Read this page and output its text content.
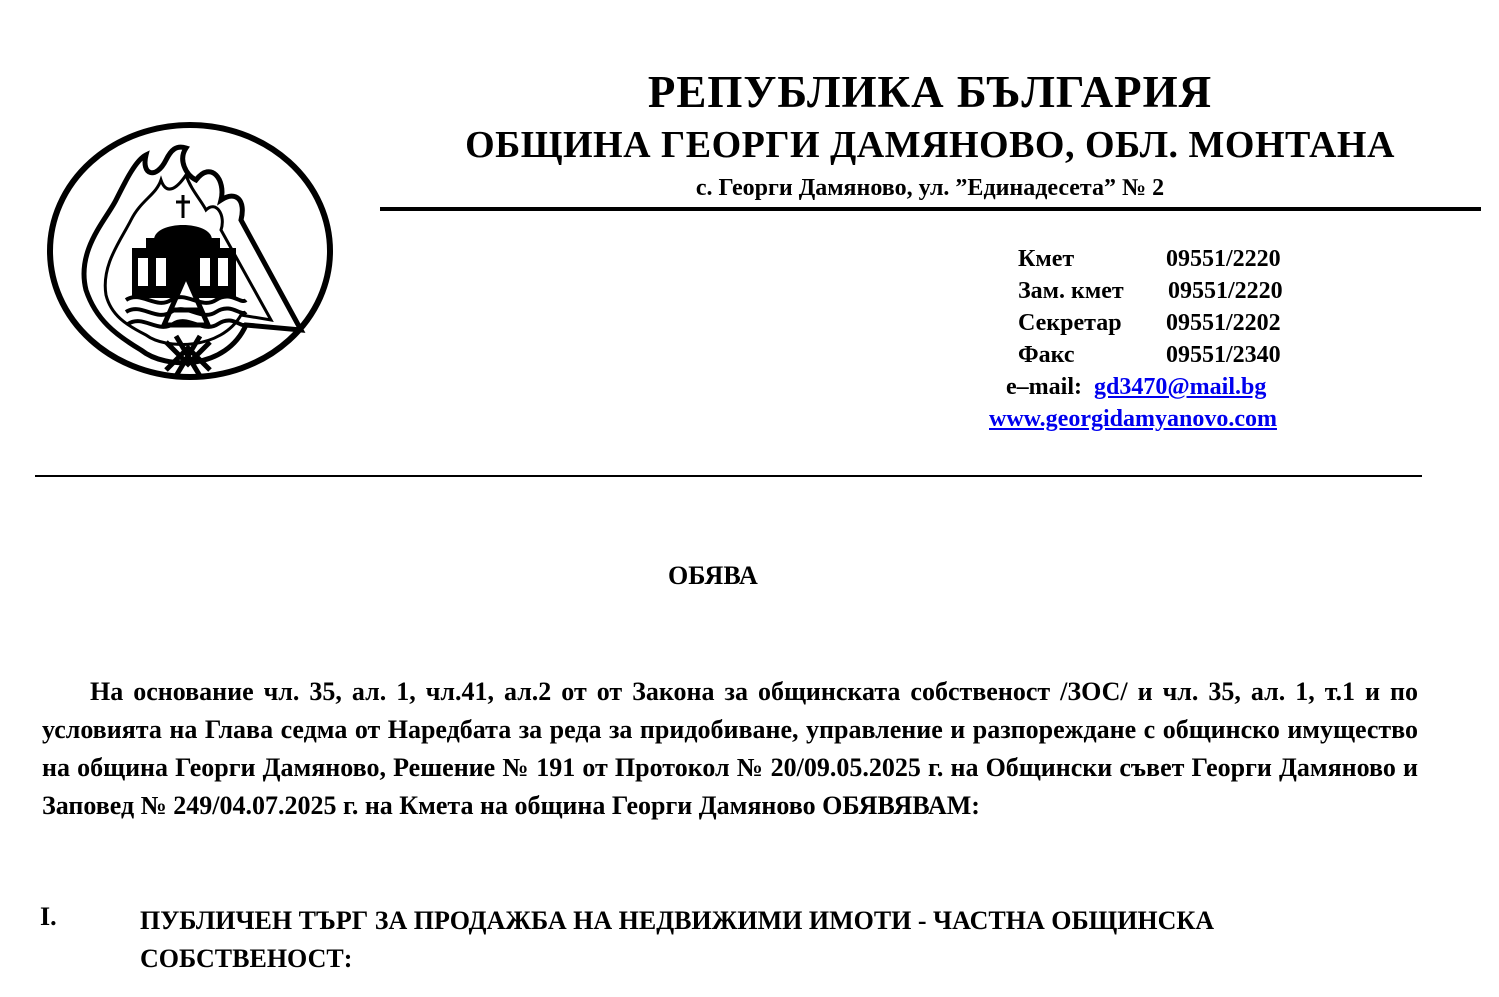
РЕПУБЛИКА БЪЛГАРИЯ
ОБЩИНА ГЕОРГИ ДАМЯНОВО, ОБЛ. МОНТАНА
с. Георги Дамяново, ул. ”Единадесета” № 2
Кмет	09551/2220
Зам. кмет 09551/2220
Секретар 09551/2202
Факс	09551/2340
e–mail: gd3470@mail.bg
www.georgidamyanovo.com
ОБЯВА
На основание чл. 35, ал. 1, чл.41, ал.2 от от Закона за общинската собственост /ЗОС/ и чл. 35, ал. 1, т.1 и по условията на Глава седма от Наредбата за реда за придобиване, управление и разпореждане с общинско имущество на община Георги Дамяново, Решение № 191 от Протокол № 20/09.05.2025 г. на Общински съвет Георги Дамяново и Заповед № 249/04.07.2025 г. на Кмета на община Георги Дамяново ОБЯВЯВАМ:
I.	ПУБЛИЧЕН ТЪРГ ЗА ПРОДАЖБА НА НЕДВИЖИМИ ИМОТИ - ЧАСТНА ОБЩИНСКА СОБСТВЕНОСТ:
